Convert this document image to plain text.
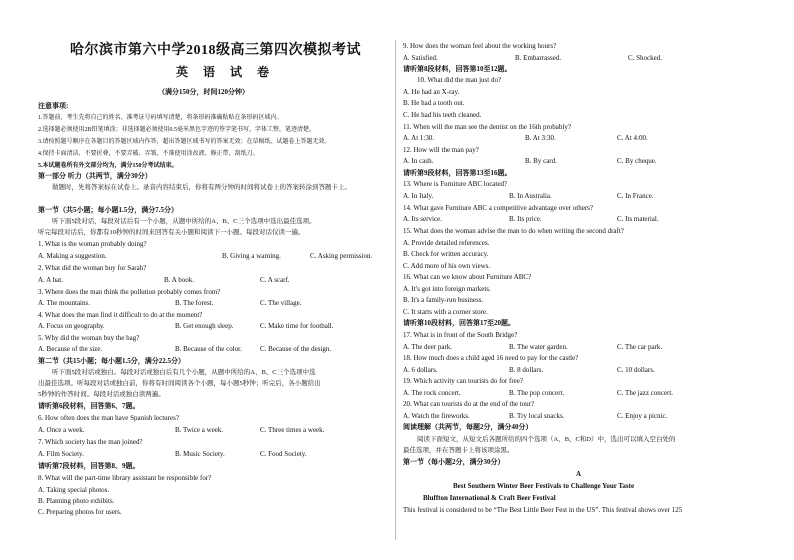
哈尔滨市第六中学2018级高三第四次模拟考试
英 语 试 卷
（满分150分，时间120分钟）
注意事项:
1.答题前，考生先将自己的姓名、准考证号码填写清楚，将条形码准确粘贴在条形码区域内。
2.选择题必须使用2B铅笔填涂；非选择题必须使用0.5毫米黑色字迹的签字笔书写，字体工整，笔迹清楚。
3.请按照题号顺序在各题目的答题区域内作答，超出答题区域书写的答案无效；在草稿纸、试题卷上答题无效。
4.保持卡面清洁，不要折叠，不要弄破、弄皱，不准使用涂改液、修正带、刮纸刀。
5.本试题卷所有外文部分均为，满分150分考试结束。
第一部分 听力（共两节，满分30分）
做题时，先将答案标在试卷上。录音内容结束后，你将有两分钟的时间将试卷上的答案转涂到答题卡上。
第一节（共5小题；每小题1.5分，满分7.5分）
听下面5段对话，每段对话后有一个小题，从题中所给的A、B、C三个选项中选出最佳选项。
听完每段对话后，你都有10秒钟的时间来回答有关小题和阅读下一小题。每段对话仅读一遍。
1. What is the woman probably doing?
A. Making a suggestion.	B. Giving a warning.	C. Asking permission.
2. What did the woman buy for Sarah?
A. A hat.	B. A book.	C. A scarf.
3. Where does the man think the pollution probably comes from?
A. The mountains.	B. The forest.	C. The village.
4. What does the man find it difficult to do at the moment?
A. Focus on geography.	B. Get enough sleep.	C. Make time for football.
5. Why did the woman buy the bag?
A. Because of the size.	B. Because of the color.	C. Because of the design.
第二节（共15小题；每小题1.5分，满分22.5分）
听下面5段对话或独白。每段对话或独白后有几个小题，从题中所给的A、B、C三个选项中选
出最佳选项。听每段对话或独白前，你将有时间阅读各个小题，每小题5秒钟；听完后，各小题给出
5秒钟的作答时间。每段对话或独白读两遍。
请听第6段材料，回答第6、7题。
6. How often does the man have Spanish lectures?
A. Once a week.	B. Twice a week.	C. Three times a week.
7. Which society has the man joined?
A. Film Society.	B. Music Society.	C. Food Society.
请听第7段材料，回答第8、9题。
8. What will the part-time library assistant be responsible for?
A. Taking special photos.
B. Planning photo exhibits.
C. Preparing photos for users.
9. How does the woman feel about the working hours?
A. Satisfied.	B. Embarrassed.	C. Shocked.
请听第8段材料，回答第10至12题。
10. What did the man just do?
A. He had an X-ray.
B. He had a tooth out.
C. He had his teeth cleaned.
11. When will the man see the dentist on the 16th probably?
A. At 1:30.	B. At 3:30.	C. At 4:00.
12. How will the man pay?
A. In cash.	B. By card.	C. By cheque.
请听第9段材料，回答第13至16题。
13. Where is Furniture ABC located?
A. In Italy.	B. In Australia.	C. In France.
14. What gave Furniture ABC a competitive advantage over others?
A. Its service.	B. Its price.	C. Its material.
15. What does the woman advise the man to do when writing the second draft?
A. Provide detailed references.
B. Check for written accuracy.
C. Add more of his own views.
16. What can we know about Furniture ABC?
A. It's got into foreign markets.
B. It's a family-run business.
C. It starts with a corner store.
请听第10段材料，回答第17至20题。
17. What is in front of the South Bridge?
A. The deer park.	B. The water garden.	C. The car park.
18. How much does a child aged 16 need to pay for the castle?
A. 6 dollars.	B. 8 dollars.	C. 10 dollars.
19. Which activity can tourists do for free?
A. The rock concert.	B. The pop concert.	C. The jazz concert.
20. What can tourists do at the end of the tour?
A. Watch the fireworks.	B. Try local snacks.	C. Enjoy a picnic.
阅读理解（共两节，每题2分，满分40分）
阅读下面短文，从短文后各题所给的四个选项（A、B、C和D）中，选出可以填入空白处的
最佳选项，并在答题卡上将该项涂黑。
第一节（每小题2分，满分30分）
A
Best Southern Winter Beer Festivals to Challenge Your Taste
Bluffton International & Craft Beer Festival
This festival is considered to be “The Best Little Beer Fest in the US”. This festival shows over 125
